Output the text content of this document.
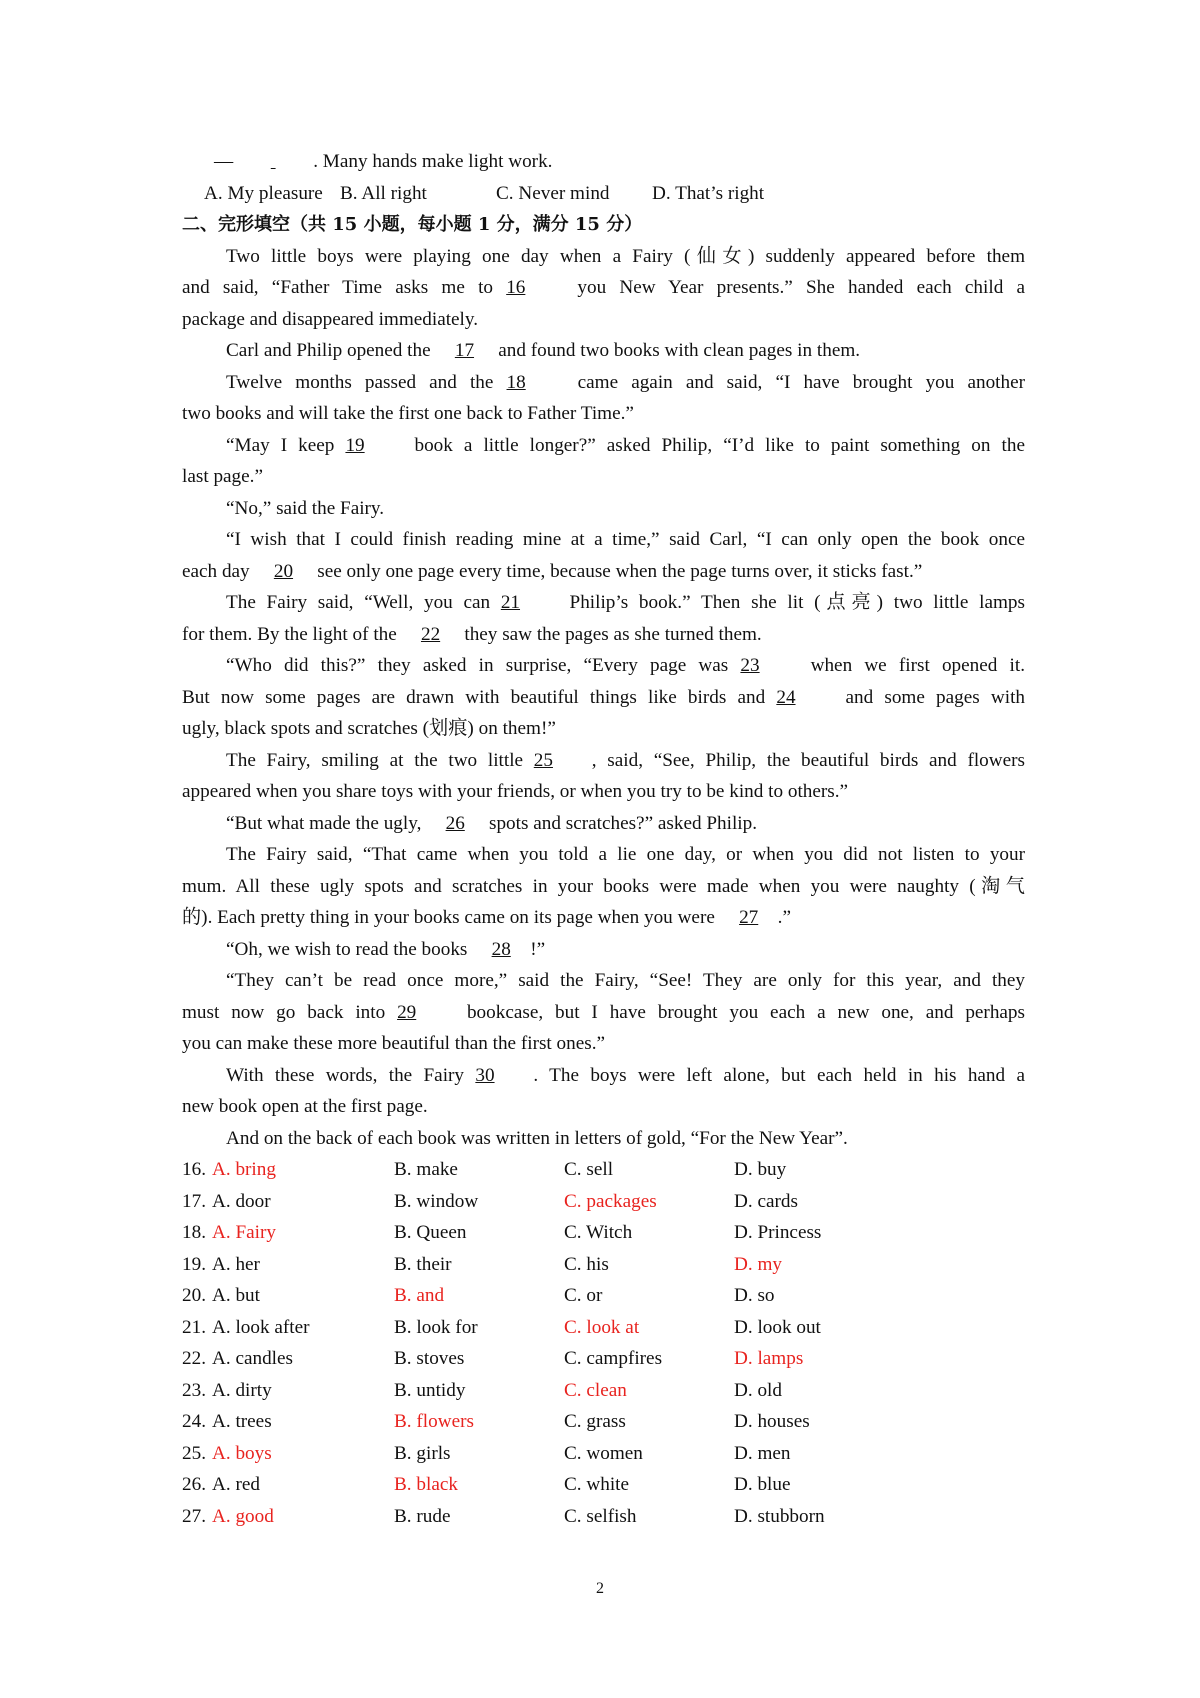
—	. Many hands make light work.
A. My pleasure B. All right	C. Never mind D. That’s right
二、完形填空（共 15 小题，每小题 1 分，满分 15 分）
Two little boys were playing one day when a Fairy (仙女) suddenly appeared before them
and said, “Father Time asks me to 16 you New Year presents.” She handed each child a
package and disappeared immediately.
Carl and Philip opened the 17 and found two books with clean pages in them.
Twelve months passed and the 18 came again and said, “I have brought you another
two books and will take the first one back to Father Time.”
“May I keep 19 book a little longer?” asked Philip, “I’d like to paint something on the
last page.”
“No,” said the Fairy.
“I wish that I could finish reading mine at a time,” said Carl, “I can only open the book once
each day 20 see only one page every time, because when the page turns over, it sticks fast.”
The Fairy said, “Well, you can 21 Philip’s book.” Then she lit (点亮) two little lamps
for them. By the light of the 22 they saw the pages as she turned them.
“Who did this?” they asked in surprise, “Every page was 23 when we first opened it.
But now some pages are drawn with beautiful things like birds and 24 and some pages with
ugly, black spots and scratches (划痕) on them!”
The Fairy, smiling at the two little 25 , said, “See, Philip, the beautiful birds and flowers
appeared when you share toys with your friends, or when you try to be kind to others.”
“But what made the ugly, 26 spots and scratches?” asked Philip.
The Fairy said, “That came when you told a lie one day, or when you did not listen to your
mum. All these ugly spots and scratches in your books were made when you were naughty (淘气
的). Each pretty thing in your books came on its page when you were 27 .”
“Oh, we wish to read the books 28 !”
“They can’t be read once more,” said the Fairy, “See! They are only for this year, and they
must now go back into 29 bookcase, but I have brought you each a new one, and perhaps
you can make these more beautiful than the first ones.”
With these words, the Fairy 30 . The boys were left alone, but each held in his hand a
new book open at the first page.
And on the back of each book was written in letters of gold, “For the New Year”.
16. A. bring	B. make	C. sell	D. buy
17. A. door	B. window	C. packages	D. cards
18. A. Fairy	B. Queen	C. Witch	D. Princess
19. A. her	B. their	C. his	D. my
20. A. but	B. and	C. or	D. so
21. A. look after	B. look for	C. look at	D. look out
22. A. candles	B. stoves	C. campfires	D. lamps
23. A. dirty	B. untidy	C. clean	D. old
24. A. trees	B. flowers	C. grass	D. houses
25. A. boys	B. girls	C. women	D. men
26. A. red	B. black	C. white	D. blue
27. A. good	B. rude	C. selfish	D. stubborn
2
